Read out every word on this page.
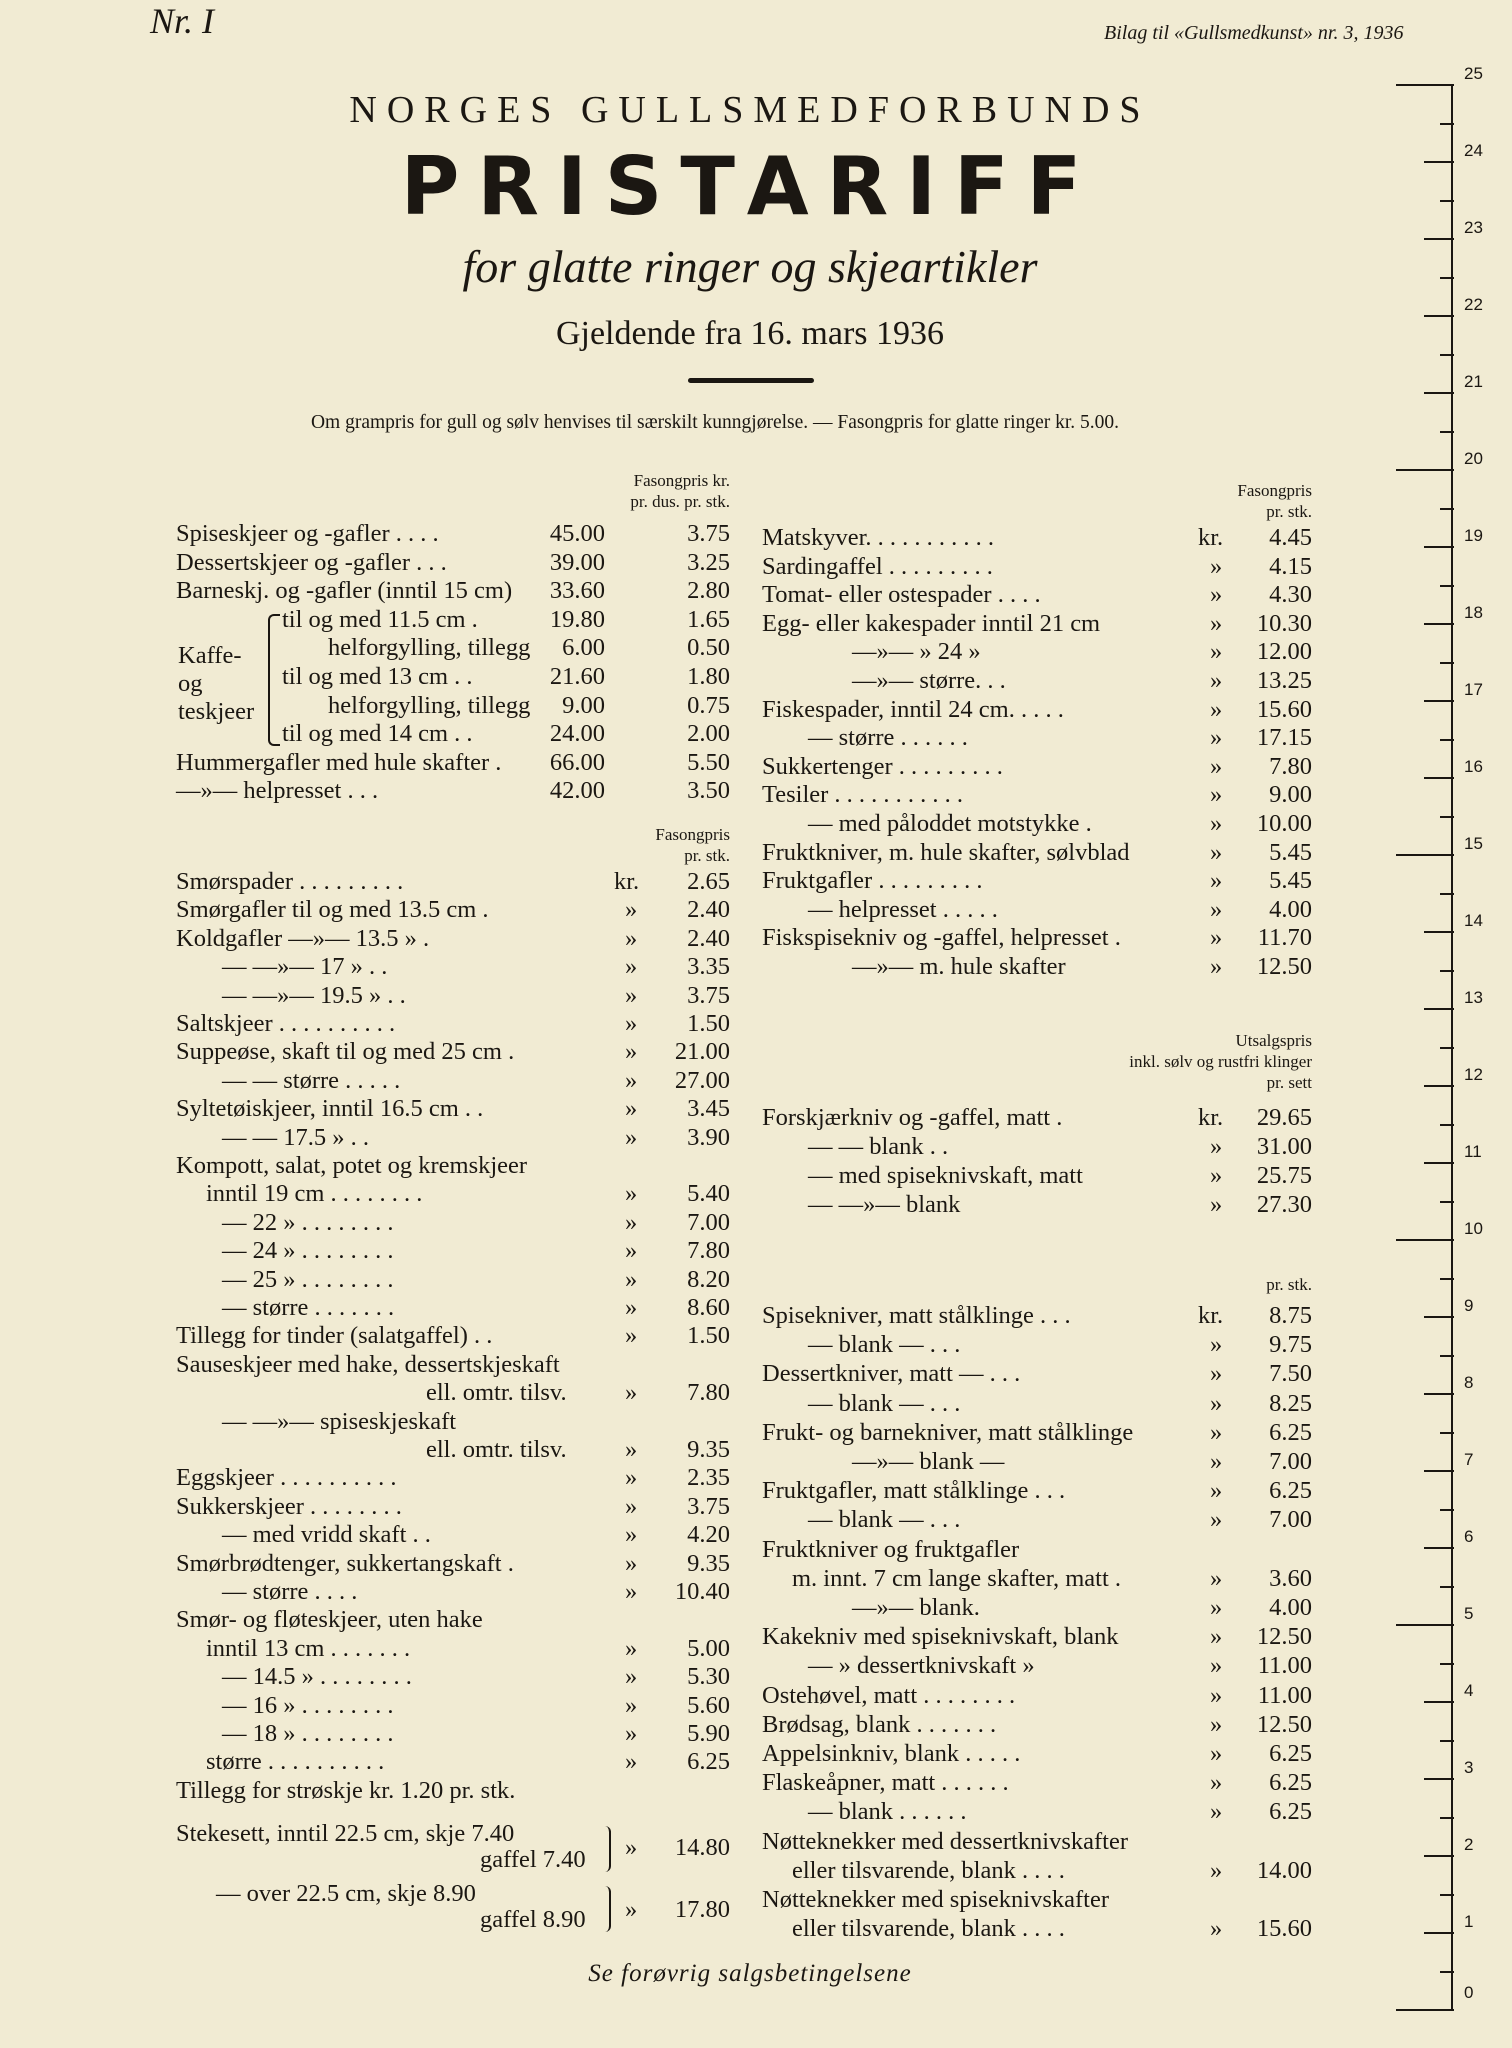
Nr. I	Bilag til «Gullsmedkunst» nr. 3, 1936
NORGES GULLSMEDFORBUNDS
PRISTARIFF
for glatte ringer og skjeartikler
Gjeldende fra 16. mars 1936
Om grampris for gull og sølv henvises til særskilt kunngjørelse. — Fasongpris for glatte ringer kr. 5.00.
Fasongpris kr.
pr. dus. pr. stk.
Fasongpris
pr. stk.
Kaffe-
og
teskjeer
Spiseskjeer og -gafler . . . .	45.00	3.75
Dessertskjeer og -gafler . . .	39.00	3.25
Barneskj. og -gafler (inntil 15 cm)	33.60	2.80
til og med 11.5 cm .	19.80	1.65
helforgylling, tillegg	6.00	0.50
til og med 13 cm . .	21.60	1.80
helforgylling, tillegg	9.00	0.75
til og med 14 cm . .	24.00	2.00
Hummergafler med hule skafter .	66.00	5.50
—»— helpresset . . .	42.00	3.50
Smørspader . . . . . . . . .	kr.	2.65
Smørgafler til og med 13.5 cm .	»	2.40
Koldgafler —»— 13.5 » .	»	2.40
— —»— 17 » . .	»	3.35
— —»— 19.5 » . .	»	3.75
Saltskjeer . . . . . . . . . .	»	1.50
Suppeøse, skaft til og med 25 cm .	»	21.00
— — større . . . . .	»	27.00
Syltetøiskjeer, inntil 16.5 cm . .	»	3.45
— — 17.5 » . .	»	3.90
Kompott, salat, potet og kremskjeer
inntil 19 cm . . . . . . . .	»	5.40
— 22 » . . . . . . . .	»	7.00
— 24 » . . . . . . . .	»	7.80
— 25 » . . . . . . . .	»	8.20
— større . . . . . . .	»	8.60
Tillegg for tinder (salatgaffel) . .	»	1.50
Sauseskjeer med hake, dessertskjeskaft
ell. omtr. tilsv. »	7.80
— —»— spiseskjeskaft
ell. omtr. tilsv. »	9.35
Eggskjeer . . . . . . . . . .	»	2.35
Sukkerskjeer . . . . . . . .	»	3.75
— med vridd skaft . .	»	4.20
Smørbrødtenger, sukkertangskaft .	»	9.35
— større . . . .	»	10.40
Smør- og fløteskjeer, uten hake
inntil 13 cm . . . . . . .	»	5.00
— 14.5 » . . . . . . . .	»	5.30
— 16 » . . . . . . . .	»	5.60
— 18 » . . . . . . . .	»	5.90
større . . . . . . . . . .	»	6.25
Tillegg for strøskje kr. 1.20 pr. stk.
Stekesett, inntil 22.5 cm, skje 7.40
gaffel 7.40 »	14.80
— over 22.5 cm, skje 8.90
gaffel 8.90 »	17.80
Fasongpris
pr. stk.
Utsalgspris
inkl. sølv og rustfri klinger
pr. sett
pr. stk.
Matskyver. . . . . . . . . . .	kr.	4.45
Sardingaffel . . . . . . . . .	»	4.15
Tomat- eller ostespader . . . .	»	4.30
Egg- eller kakespader inntil 21 cm	»	10.30
—»— » 24 »	»	12.00
—»— større. . .	»	13.25
Fiskespader, inntil 24 cm. . . . .	»	15.60
— større . . . . . .	»	17.15
Sukkertenger . . . . . . . . .	»	7.80
Tesiler . . . . . . . . . . .	»	9.00
— med påloddet motstykke .	»	10.00
Fruktkniver, m. hule skafter, sølvblad	»	5.45
Fruktgafler . . . . . . . . .	»	5.45
— helpresset . . . . .	»	4.00
Fiskspisekniv og -gaffel, helpresset .	»	11.70
—»— m. hule skafter	»	12.50
Forskjærkniv og -gaffel, matt .	kr.	29.65
— — blank . .	»	31.00
— med spiseknivskaft, matt	»	25.75
— —»— blank	»	27.30
Spisekniver, matt stålklinge . . .	kr.	8.75
— blank — . . .	»	9.75
Dessertkniver, matt — . . .	»	7.50
— blank — . . .	»	8.25
Frukt- og barnekniver, matt stålklinge	»	6.25
—»— blank —	»	7.00
Fruktgafler, matt stålklinge . . .	»	6.25
— blank — . . .	»	7.00
Fruktkniver og fruktgafler
m. innt. 7 cm lange skafter, matt .	»	3.60
—»— blank.	»	4.00
Kakekniv med spiseknivskaft, blank	»	12.50
— » dessertknivskaft »	»	11.00
Ostehøvel, matt . . . . . . . .	»	11.00
Brødsag, blank . . . . . . .	»	12.50
Appelsinkniv, blank . . . . .	»	6.25
Flaskeåpner, matt . . . . . .	»	6.25
— blank . . . . . .	»	6.25
Nøtteknekker med dessertknivskafter
eller tilsvarende, blank . . . .	»	14.00
Nøtteknekker med spiseknivskafter
eller tilsvarende, blank . . . .	»	15.60
Se forøvrig salgsbetingelsene
25
24
23
22
21
20
19
18
17
16
15
14
13
12
11
10
9
8
7
6
5
4
3
2
1
0
